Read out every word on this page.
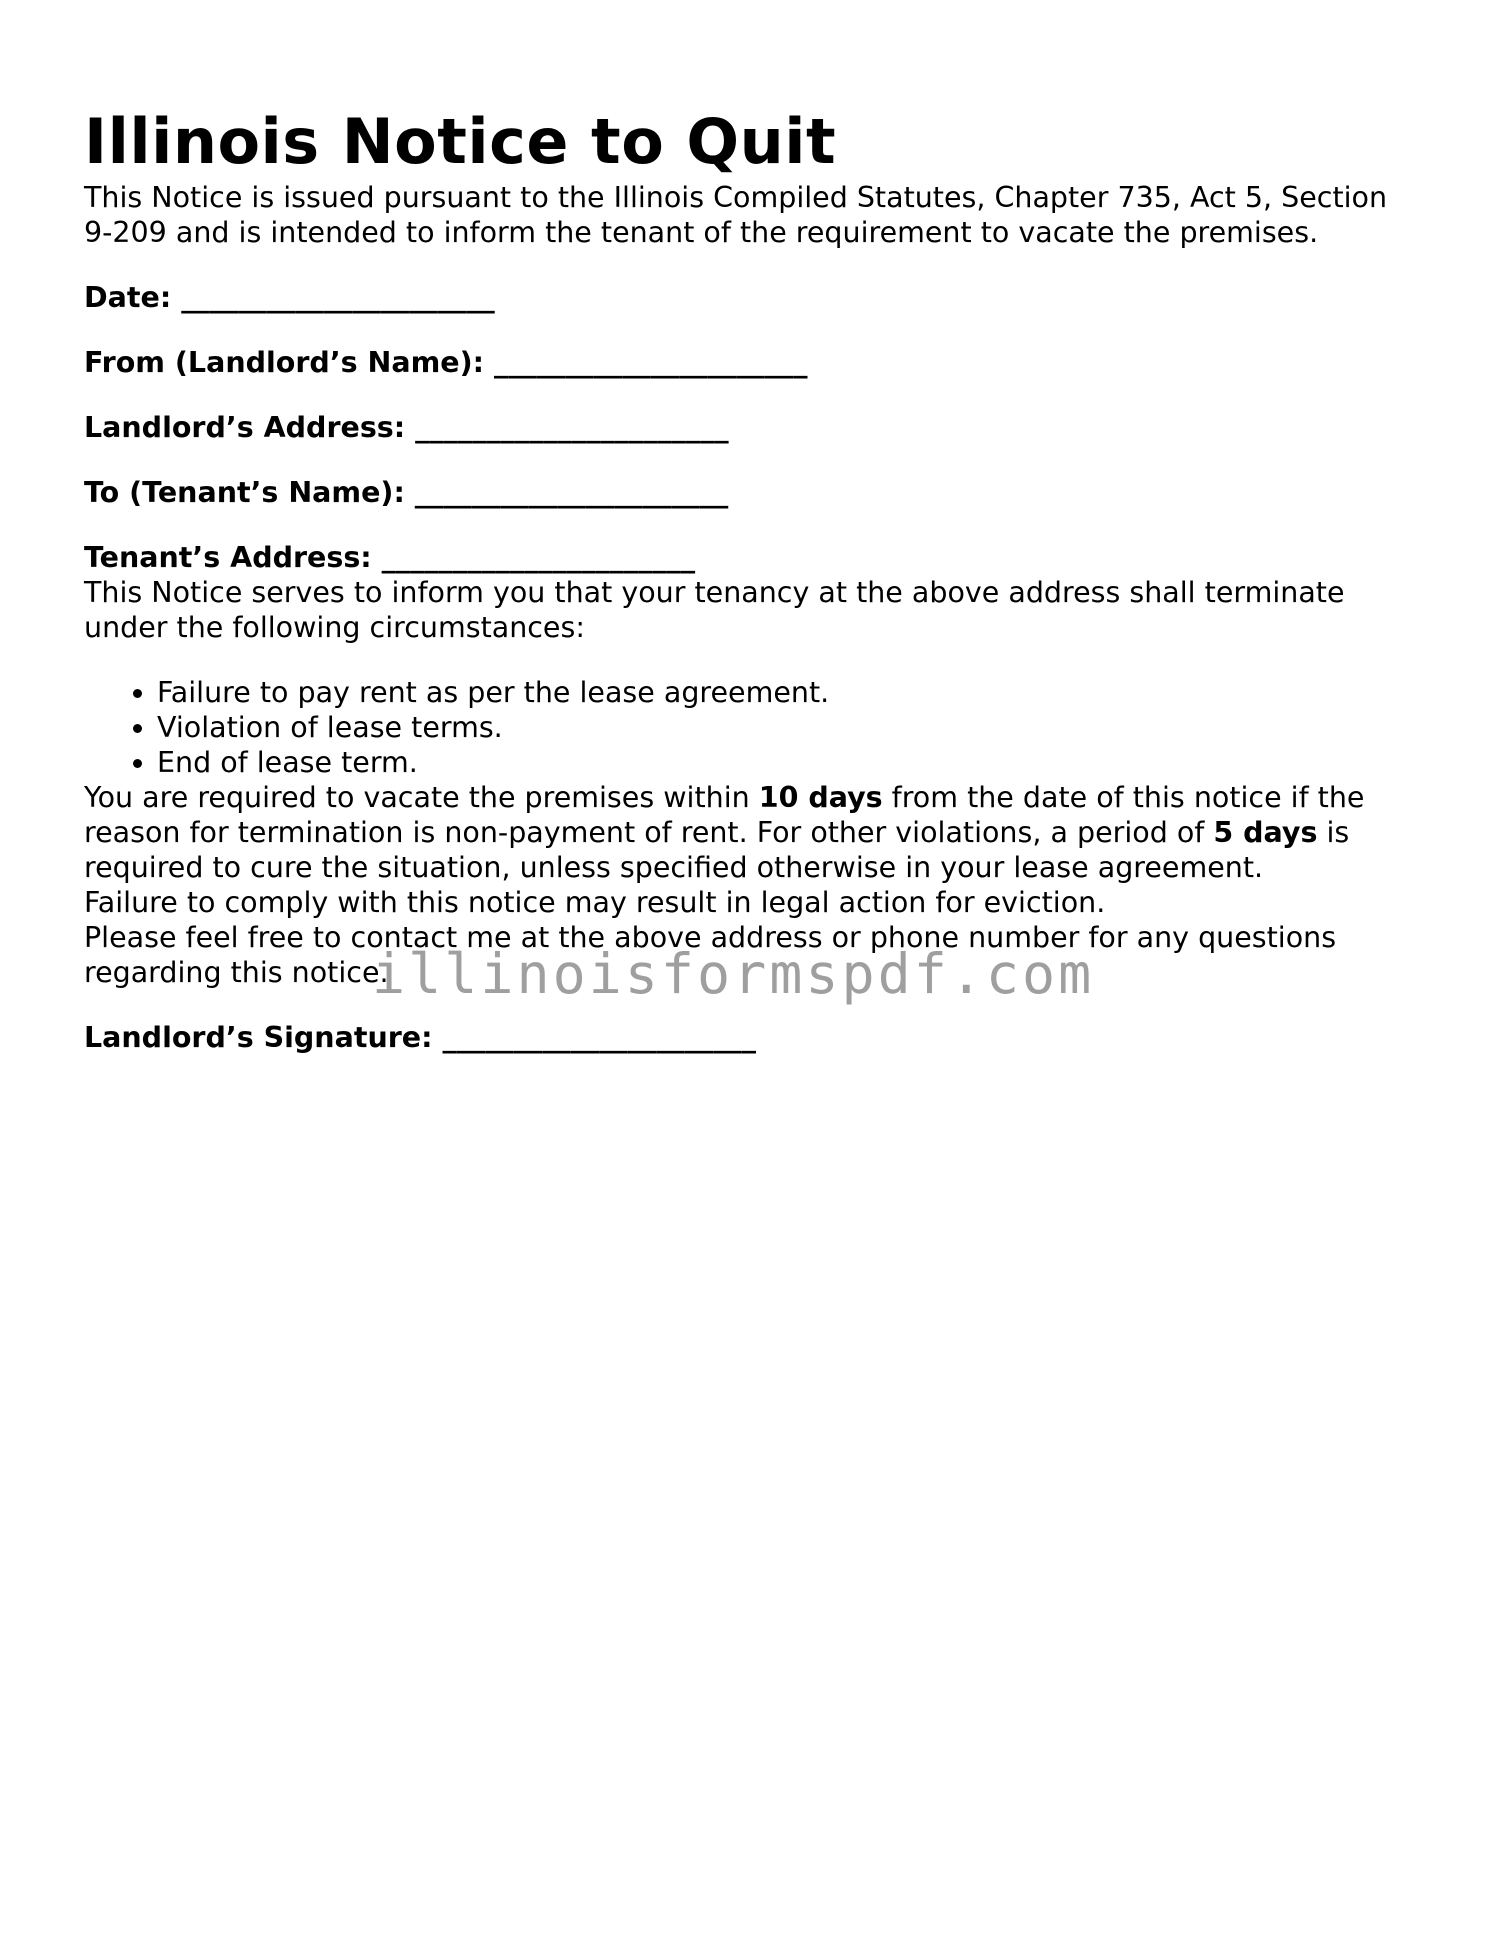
Illinois Notice to Quit

This Notice is issued pursuant to the Illinois Compiled Statutes, Chapter 735, Act 5, Section 9-209 and is intended to inform the tenant of the requirement to vacate the premises.

Date: ______________________

From (Landlord’s Name): ______________________

Landlord’s Address: ______________________

To (Tenant’s Name): ______________________

Tenant’s Address: ______________________

This Notice serves to inform you that your tenancy at the above address shall terminate under the following circumstances:

• Failure to pay rent as per the lease agreement.
• Violation of lease terms.
• End of lease term.

You are required to vacate the premises within 10 days from the date of this notice if the reason for termination is non-payment of rent. For other violations, a period of 5 days is required to cure the situation, unless specified otherwise in your lease agreement.

Failure to comply with this notice may result in legal action for eviction.

Please feel free to contact me at the above address or phone number for any questions regarding this notice.

Landlord’s Signature: ______________________

illinoisformspdf.com
